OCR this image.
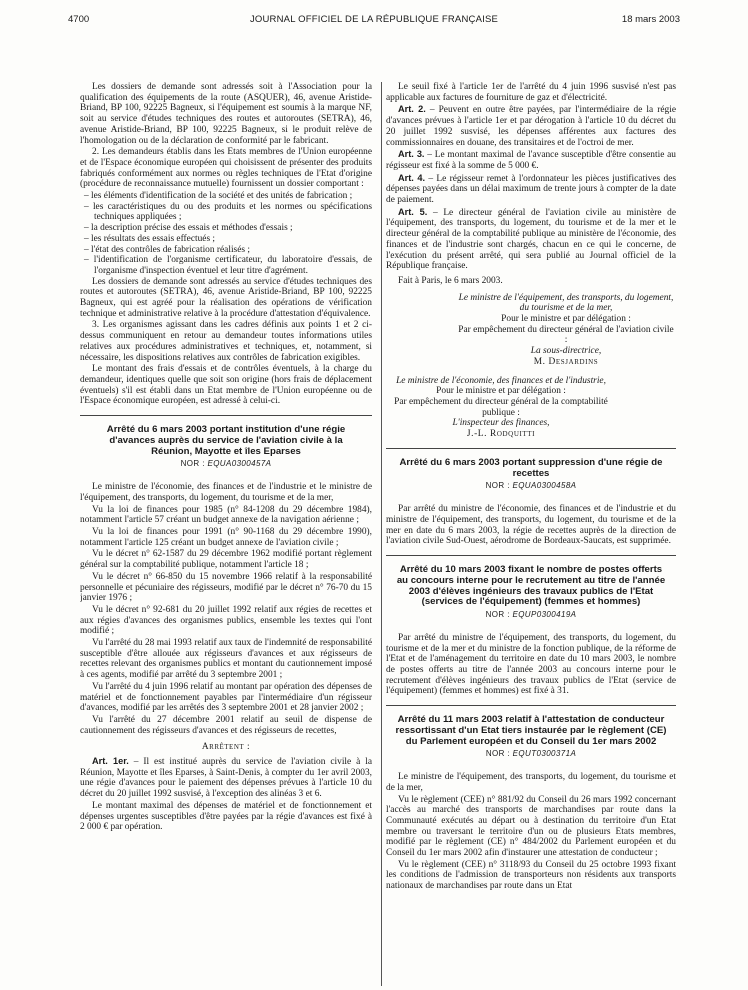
4700	JOURNAL OFFICIEL DE LA RÉPUBLIQUE FRANÇAISE	18 mars 2003

Les dossiers de demande sont adressés soit à l'Association pour la qualification des équipements de la route (ASQUER), 46, avenue Aristide-Briand, BP 100, 92225 Bagneux, si l'équipement est soumis à la marque NF, soit au service d'études techniques des routes et autoroutes (SETRA), 46, avenue Aristide-Briand, BP 100, 92225 Bagneux, si le produit relève de l'homologation ou de la déclaration de conformité par le fabricant.

2. Les demandeurs établis dans les Etats membres de l'Union européenne et de l'Espace économique européen qui choisissent de présenter des produits fabriqués conformément aux normes ou règles techniques de l'Etat d'origine (procédure de reconnaissance mutuelle) fournissent un dossier comportant :

– les éléments d'identification de la société et des unités de fabrication ;
– les caractéristiques du ou des produits et les normes ou spécifications techniques appliquées ;
– la description précise des essais et méthodes d'essais ;
– les résultats des essais effectués ;
– l'état des contrôles de fabrication réalisés ;
– l'identification de l'organisme certificateur, du laboratoire d'essais, de l'organisme d'inspection éventuel et leur titre d'agrément.

Les dossiers de demande sont adressés au service d'études techniques des routes et autoroutes (SETRA), 46, avenue Aristide-Briand, BP 100, 92225 Bagneux, qui est agréé pour la réalisation des opérations de vérification technique et administrative relative à la procédure d'attestation d'équivalence.

3. Les organismes agissant dans les cadres définis aux points 1 et 2 ci-dessus communiquent en retour au demandeur toutes informations utiles relatives aux procédures administratives et techniques, et, notamment, si nécessaire, les dispositions relatives aux contrôles de fabrication exigibles.

Le montant des frais d'essais et de contrôles éventuels, à la charge du demandeur, identiques quelle que soit son origine (hors frais de déplacement éventuels) s'il est établi dans un Etat membre de l'Union européenne ou de l'Espace économique européen, est adressé à celui-ci.

Arrêté du 6 mars 2003 portant institution d'une régie d'avances auprès du service de l'aviation civile à la Réunion, Mayotte et îles Eparses
NOR : EQUA0300457A

Le ministre de l'économie, des finances et de l'industrie et le ministre de l'équipement, des transports, du logement, du tourisme et de la mer,

Vu la loi de finances pour 1985 (n° 84-1208 du 29 décembre 1984), notamment l'article 57 créant un budget annexe de la navigation aérienne ;

Vu la loi de finances pour 1991 (n° 90-1168 du 29 décembre 1990), notamment l'article 125 créant un budget annexe de l'aviation civile ;

Vu le décret n° 62-1587 du 29 décembre 1962 modifié portant règlement général sur la comptabilité publique, notamment l'article 18 ;

Vu le décret n° 66-850 du 15 novembre 1966 relatif à la responsabilité personnelle et pécuniaire des régisseurs, modifié par le décret n° 76-70 du 15 janvier 1976 ;

Vu le décret n° 92-681 du 20 juillet 1992 relatif aux régies de recettes et aux régies d'avances des organismes publics, ensemble les textes qui l'ont modifié ;

Vu l'arrêté du 28 mai 1993 relatif aux taux de l'indemnité de responsabilité susceptible d'être allouée aux régisseurs d'avances et aux régisseurs de recettes relevant des organismes publics et montant du cautionnement imposé à ces agents, modifié par arrêté du 3 septembre 2001 ;

Vu l'arrêté du 4 juin 1996 relatif au montant par opération des dépenses de matériel et de fonctionnement payables par l'intermédiaire d'un régisseur d'avances, modifié par les arrêtés des 3 septembre 2001 et 28 janvier 2002 ;

Vu l'arrêté du 27 décembre 2001 relatif au seuil de dispense de cautionnement des régisseurs d'avances et des régisseurs de recettes,

Arrêtent :

Art. 1er. – Il est institué auprès du service de l'aviation civile à la Réunion, Mayotte et îles Eparses, à Saint-Denis, à compter du 1er avril 2003, une régie d'avances pour le paiement des dépenses prévues à l'article 10 du décret du 20 juillet 1992 susvisé, à l'exception des alinéas 3 et 6.

Le montant maximal des dépenses de matériel et de fonctionnement et dépenses urgentes susceptibles d'être payées par la régie d'avances est fixé à 2 000 € par opération.

Le seuil fixé à l'article 1er de l'arrêté du 4 juin 1996 susvisé n'est pas applicable aux factures de fourniture de gaz et d'électricité.

Art. 2. – Peuvent en outre être payées, par l'intermédiaire de la régie d'avances prévues à l'article 1er et par dérogation à l'article 10 du décret du 20 juillet 1992 susvisé, les dépenses afférentes aux factures des commissionnaires en douane, des transitaires et de l'octroi de mer.

Art. 3. – Le montant maximal de l'avance susceptible d'être consentie au régisseur est fixé à la somme de 5 000 €.

Art. 4. – Le régisseur remet à l'ordonnateur les pièces justificatives des dépenses payées dans un délai maximum de trente jours à compter de la date de paiement.

Art. 5. – Le directeur général de l'aviation civile au ministère de l'équipement, des transports, du logement, du tourisme et de la mer et le directeur général de la comptabilité publique au ministère de l'économie, des finances et de l'industrie sont chargés, chacun en ce qui le concerne, de l'exécution du présent arrêté, qui sera publié au Journal officiel de la République française.

Fait à Paris, le 6 mars 2003.

Le ministre de l'équipement, des transports, du logement, du tourisme et de la mer,

Pour le ministre et par délégation :

Par empêchement du directeur général de l'aviation civile :

La sous-directrice,

M. Desjardins

Le ministre de l'économie, des finances et de l'industrie,

Pour le ministre et par délégation :

Par empêchement du directeur général de la comptabilité publique :

L'inspecteur des finances,

J.-L. Rodquitti

Arrêté du 6 mars 2003 portant suppression d'une régie de recettes
NOR : EQUA0300458A

Par arrêté du ministre de l'économie, des finances et de l'industrie et du ministre de l'équipement, des transports, du logement, du tourisme et de la mer en date du 6 mars 2003, la régie de recettes auprès de la direction de l'aviation civile Sud-Ouest, aérodrome de Bordeaux-Saucats, est supprimée.

Arrêté du 10 mars 2003 fixant le nombre de postes offerts au concours interne pour le recrutement au titre de l'année 2003 d'élèves ingénieurs des travaux publics de l'Etat (services de l'équipement) (femmes et hommes)
NOR : EQUP0300419A

Par arrêté du ministre de l'équipement, des transports, du logement, du tourisme et de la mer et du ministre de la fonction publique, de la réforme de l'Etat et de l'aménagement du territoire en date du 10 mars 2003, le nombre de postes offerts au titre de l'année 2003 au concours interne pour le recrutement d'élèves ingénieurs des travaux publics de l'Etat (service de l'équipement) (femmes et hommes) est fixé à 31.

Arrêté du 11 mars 2003 relatif à l'attestation de conducteur ressortissant d'un Etat tiers instaurée par le règlement (CE) du Parlement européen et du Conseil du 1er mars 2002
NOR : EQUT0300371A

Le ministre de l'équipement, des transports, du logement, du tourisme et de la mer,

Vu le règlement (CEE) n° 881/92 du Conseil du 26 mars 1992 concernant l'accès au marché des transports de marchandises par route dans la Communauté exécutés au départ ou à destination du territoire d'un Etat membre ou traversant le territoire d'un ou de plusieurs Etats membres, modifié par le règlement (CE) n° 484/2002 du Parlement européen et du Conseil du 1er mars 2002 afin d'instaurer une attestation de conducteur ;

Vu le règlement (CEE) n° 3118/93 du Conseil du 25 octobre 1993 fixant les conditions de l'admission de transporteurs non résidents aux transports nationaux de marchandises par route dans un Etat
